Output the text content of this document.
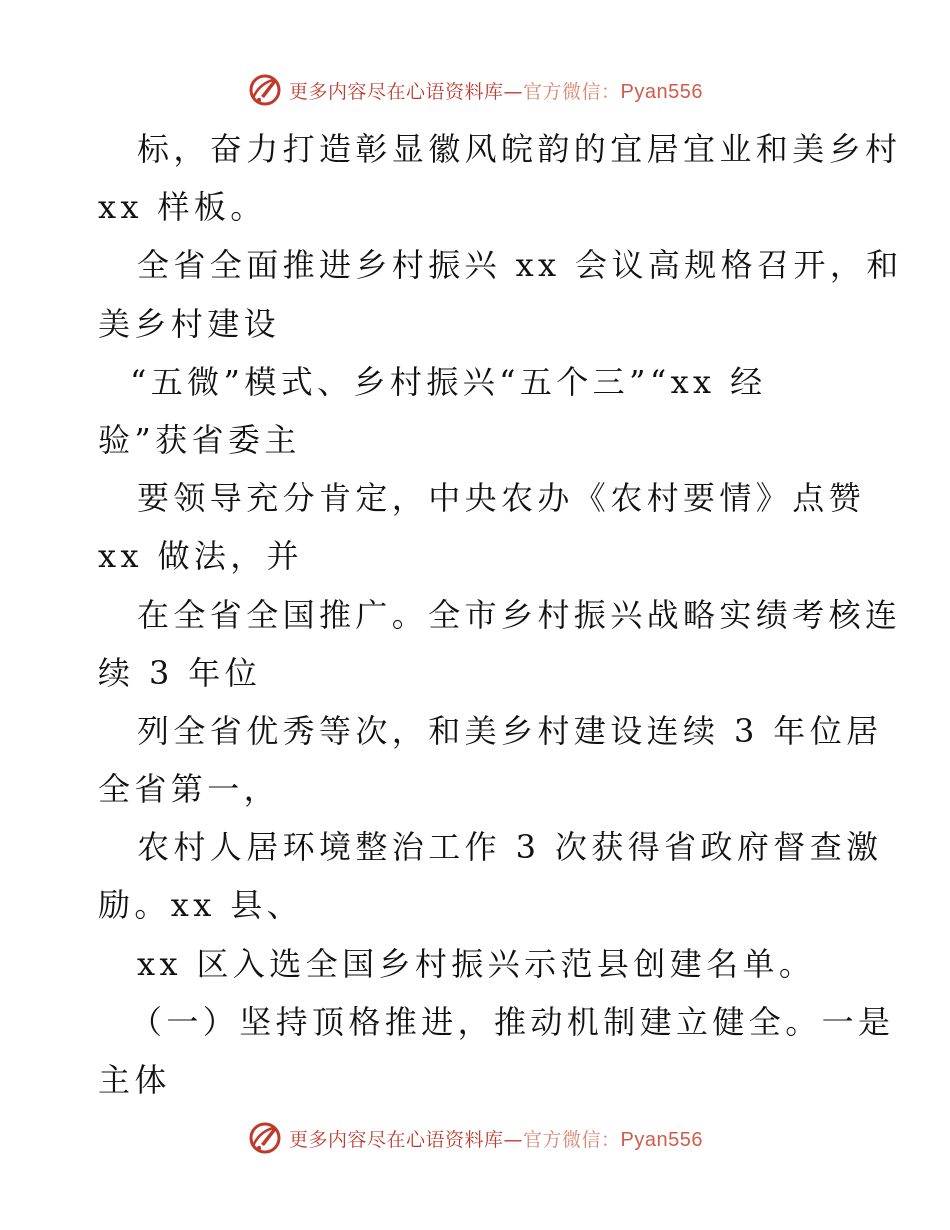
更多内容尽在心语资料库—官方微信：Pyan556
标，奋力打造彰显徽风皖韵的宜居宜业和美乡村
xx 样板。
全省全面推进乡村振兴 xx 会议高规格召开，和
美乡村建设
“五微”模式、乡村振兴“五个三”“xx 经
验”获省委主
要领导充分肯定，中央农办《农村要情》点赞
xx 做法，并
在全省全国推广。全市乡村振兴战略实绩考核连
续 3 年位
列全省优秀等次，和美乡村建设连续 3 年位居
全省第一，
农村人居环境整治工作 3 次获得省政府督查激
励。xx 县、
xx 区入选全国乡村振兴示范县创建名单。
（一）坚持顶格推进，推动机制建立健全。一是
主体
更多内容尽在心语资料库—官方微信：Pyan556
